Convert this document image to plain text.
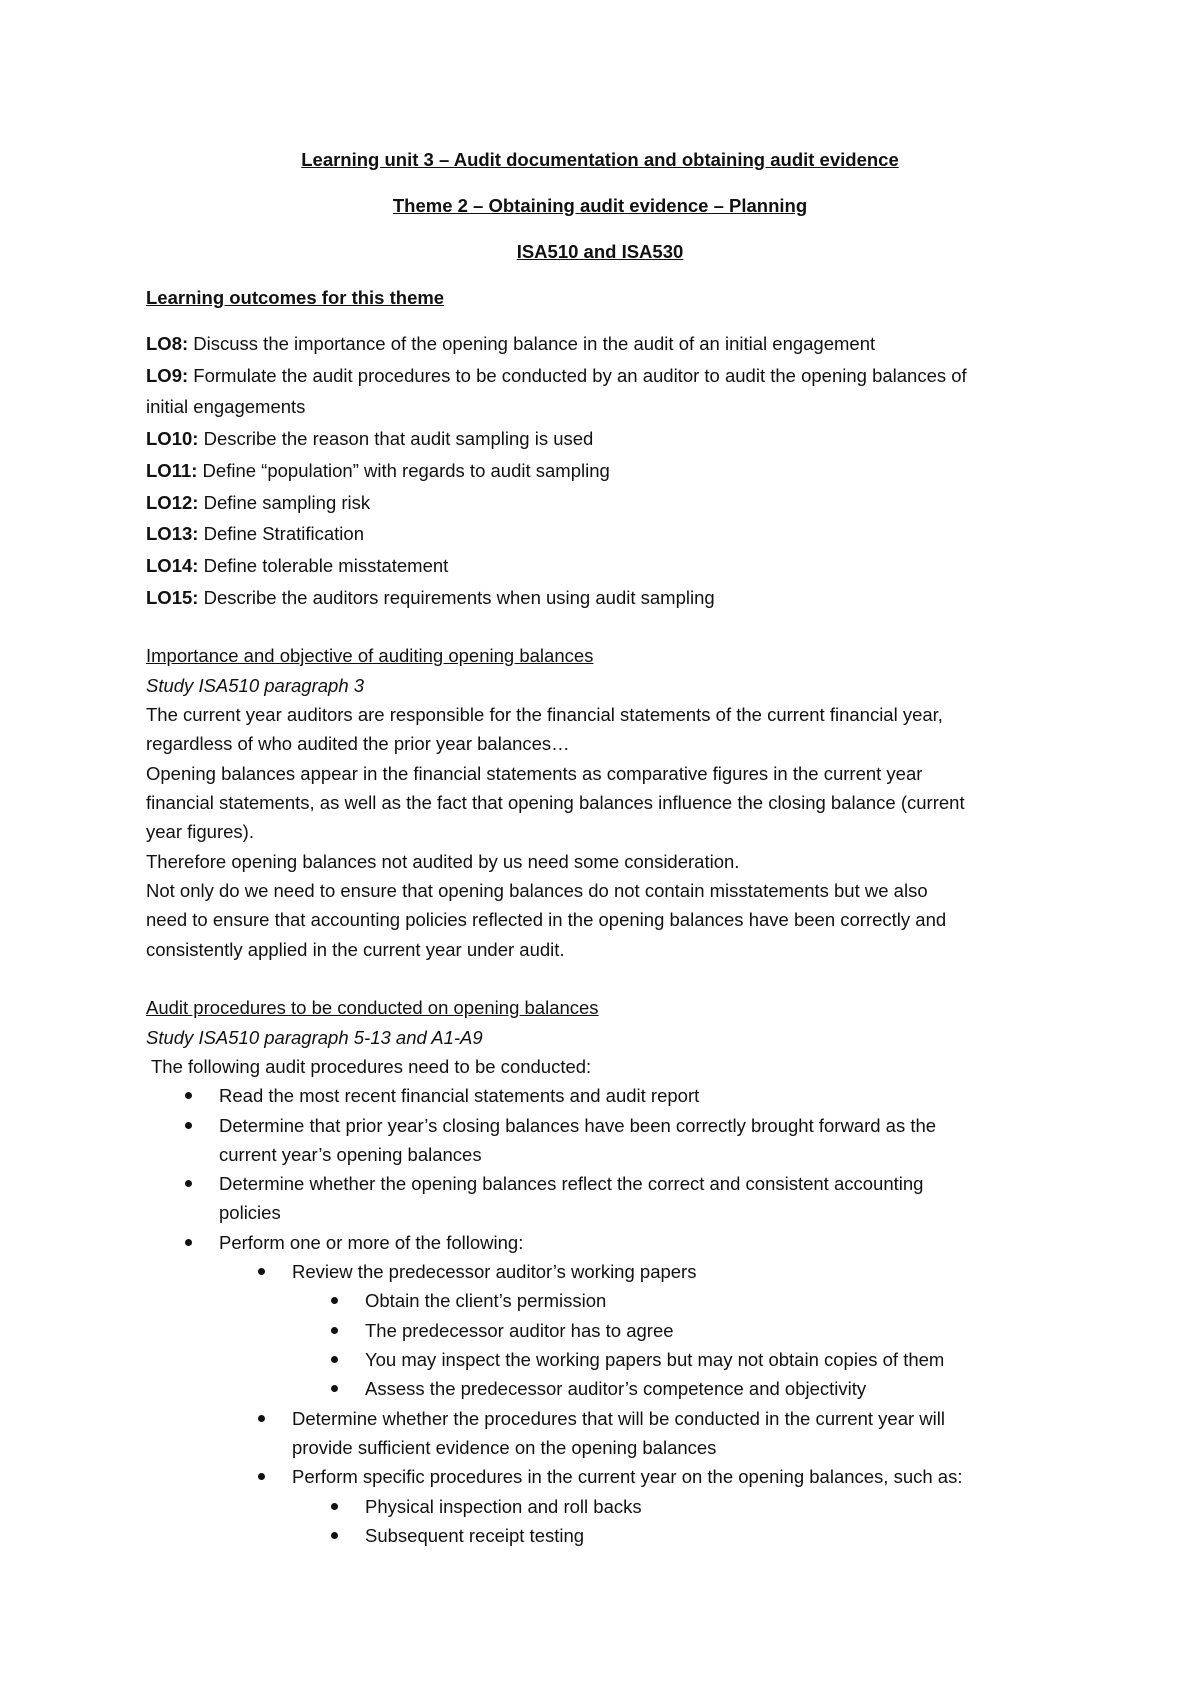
Learning unit 3 – Audit documentation and obtaining audit evidence
Theme 2 – Obtaining audit evidence – Planning
ISA510 and ISA530
Learning outcomes for this theme
LO8: Discuss the importance of the opening balance in the audit of an initial engagement
LO9: Formulate the audit procedures to be conducted by an auditor to audit the opening balances of
initial engagements
LO10: Describe the reason that audit sampling is used
LO11: Define “population” with regards to audit sampling
LO12: Define sampling risk
LO13: Define Stratification
LO14: Define tolerable misstatement
LO15: Describe the auditors requirements when using audit sampling
Importance and objective of auditing opening balances
Study ISA510 paragraph 3
The current year auditors are responsible for the financial statements of the current financial year,
regardless of who audited the prior year balances…
Opening balances appear in the financial statements as comparative figures in the current year
financial statements, as well as the fact that opening balances influence the closing balance (current
year figures).
Therefore opening balances not audited by us need some consideration.
Not only do we need to ensure that opening balances do not contain misstatements but we also
need to ensure that accounting policies reflected in the opening balances have been correctly and
consistently applied in the current year under audit.
Audit procedures to be conducted on opening balances
Study ISA510 paragraph 5-13 and A1-A9
The following audit procedures need to be conducted:
Read the most recent financial statements and audit report
Determine that prior year’s closing balances have been correctly brought forward as the
current year’s opening balances
Determine whether the opening balances reflect the correct and consistent accounting
policies
Perform one or more of the following:
Review the predecessor auditor’s working papers
Obtain the client’s permission
The predecessor auditor has to agree
You may inspect the working papers but may not obtain copies of them
Assess the predecessor auditor’s competence and objectivity
Determine whether the procedures that will be conducted in the current year will
provide sufficient evidence on the opening balances
Perform specific procedures in the current year on the opening balances, such as:
Physical inspection and roll backs
Subsequent receipt testing
